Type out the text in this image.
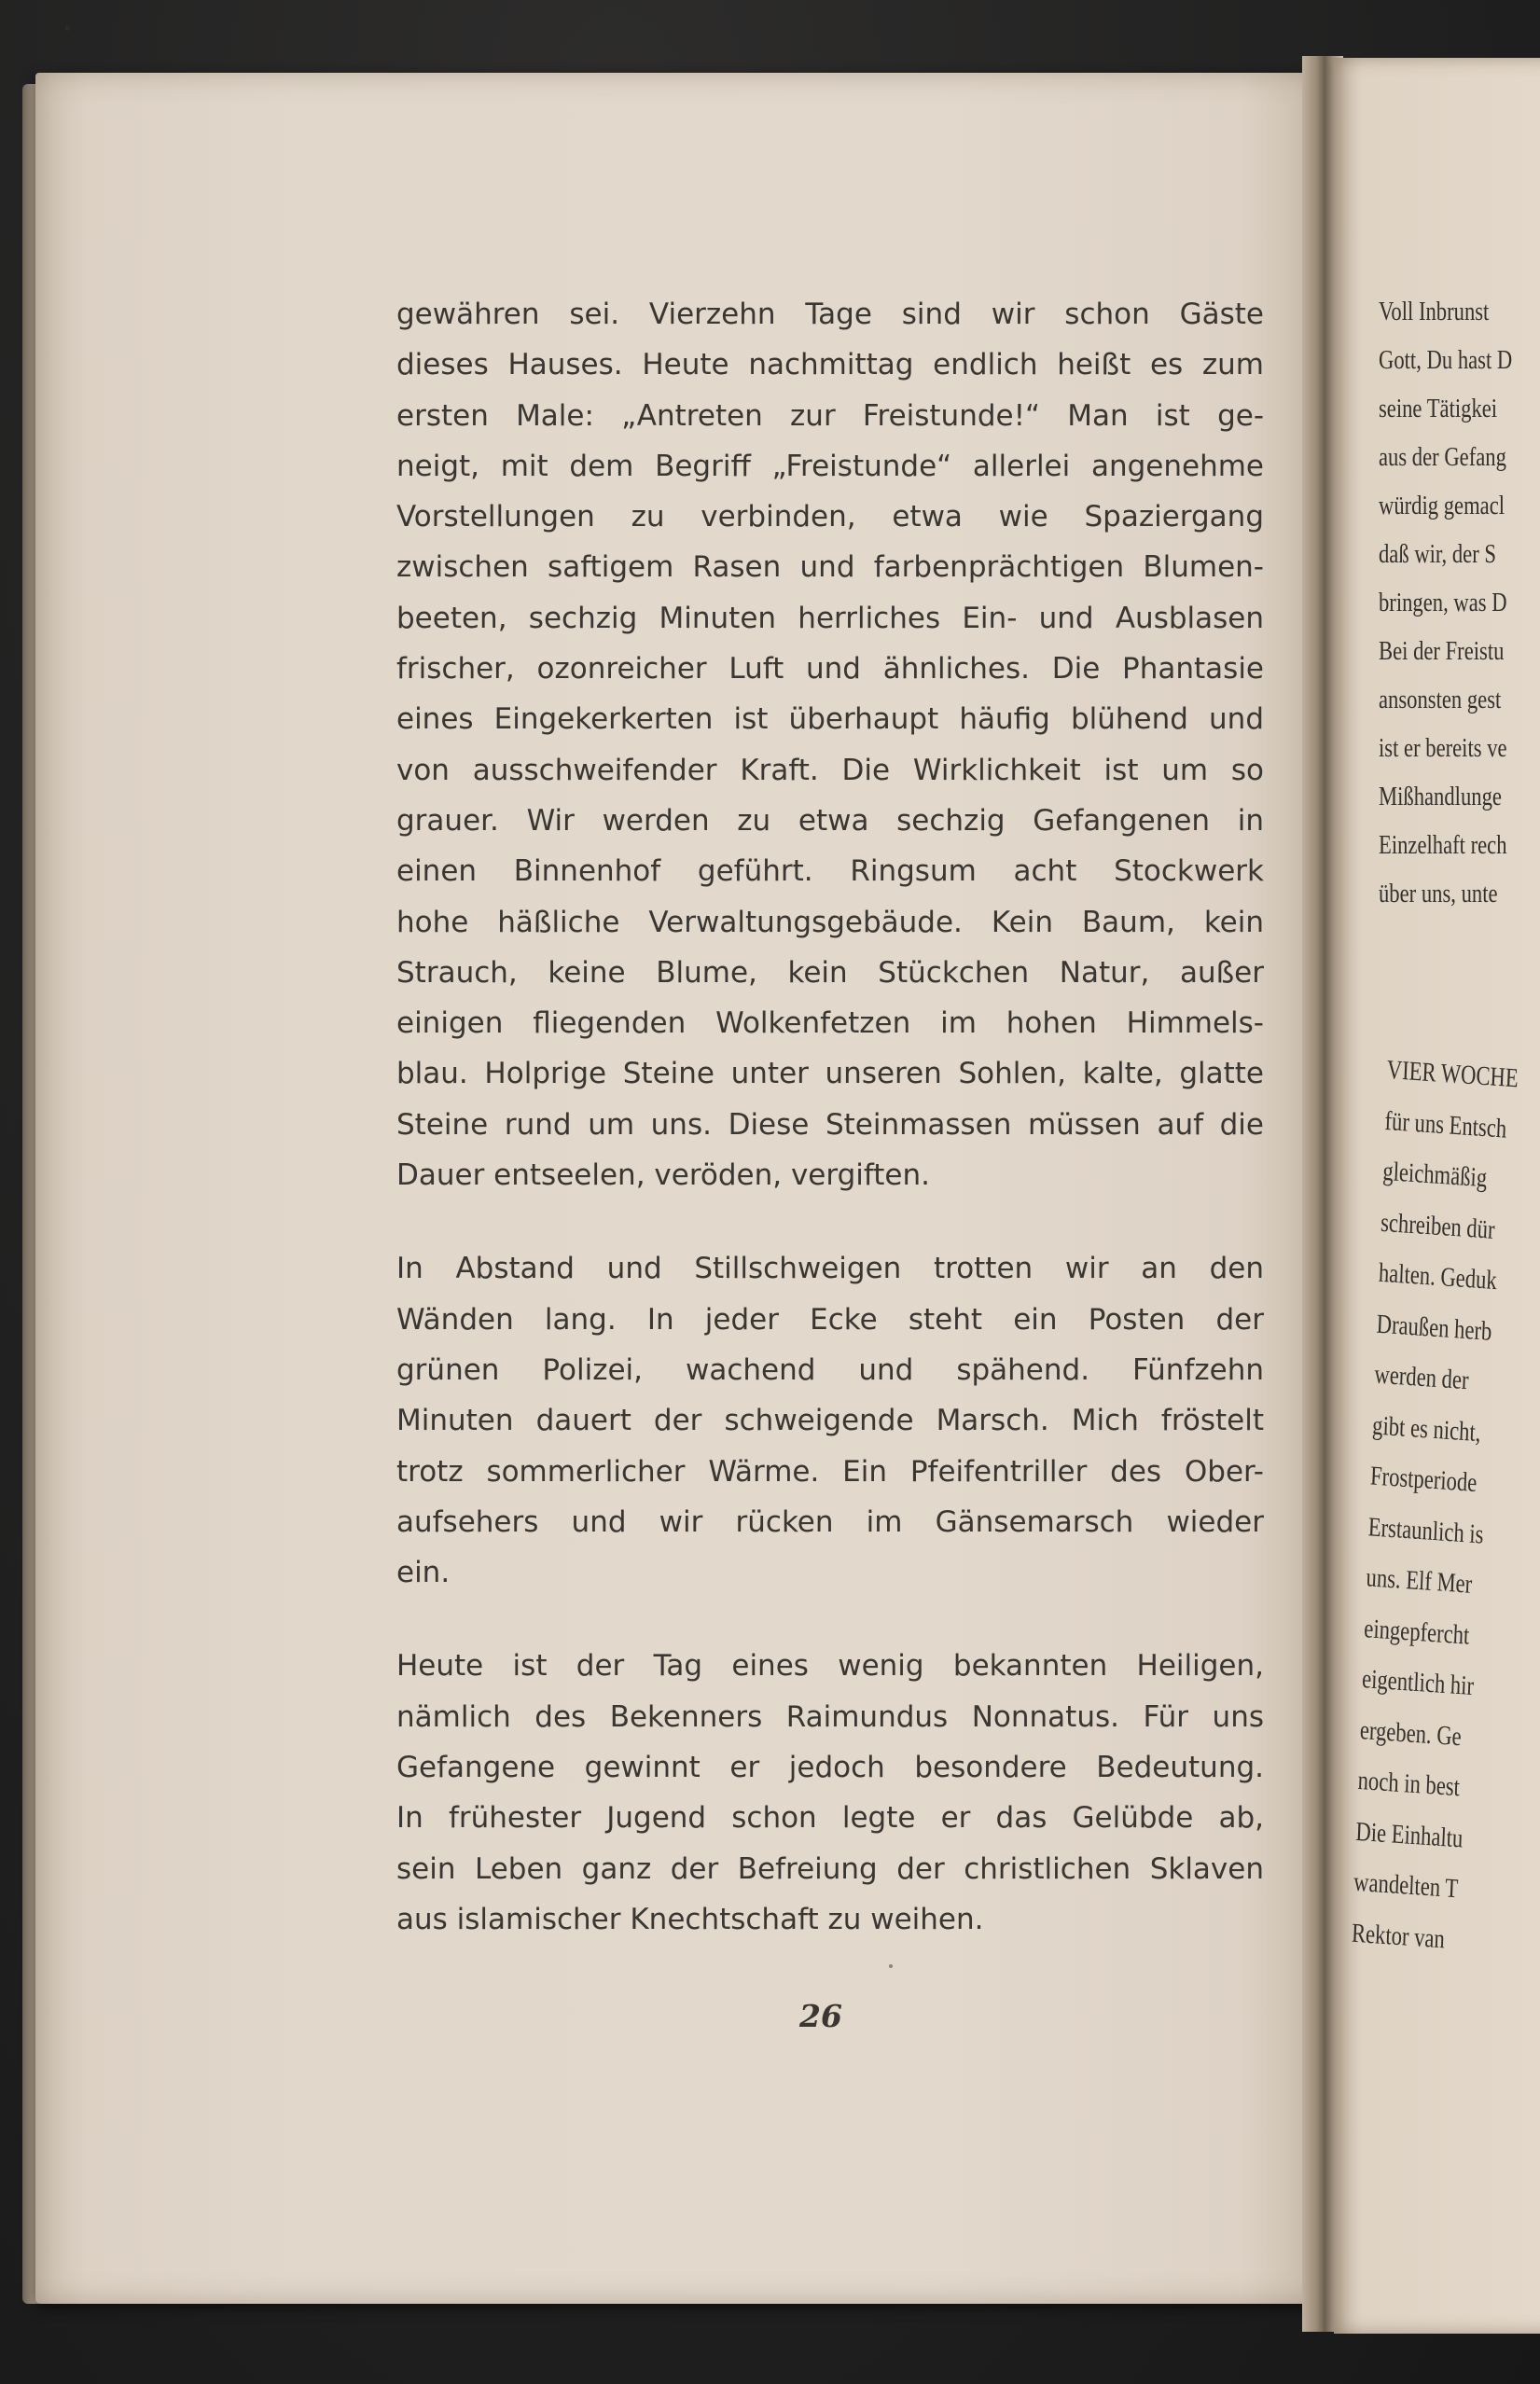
gewähren sei. Vierzehn Tage sind wir schon Gäste
dieses Hauses. Heute nachmittag endlich heißt es zum
ersten Male: „Antreten zur Freistunde!“ Man ist ge-
neigt, mit dem Begriff „Freistunde“ allerlei angenehme
Vorstellungen zu verbinden, etwa wie Spaziergang
zwischen saftigem Rasen und farbenprächtigen Blumen-
beeten, sechzig Minuten herrliches Ein- und Ausblasen
frischer, ozonreicher Luft und ähnliches. Die Phantasie
eines Eingekerkerten ist überhaupt häufig blühend und
von ausschweifender Kraft. Die Wirklichkeit ist um so
grauer. Wir werden zu etwa sechzig Gefangenen in
einen Binnenhof geführt. Ringsum acht Stockwerk
hohe häßliche Verwaltungsgebäude. Kein Baum, kein
Strauch, keine Blume, kein Stückchen Natur, außer
einigen fliegenden Wolkenfetzen im hohen Himmels-
blau. Holprige Steine unter unseren Sohlen, kalte, glatte
Steine rund um uns. Diese Steinmassen müssen auf die
Dauer entseelen, veröden, vergiften.
In Abstand und Stillschweigen trotten wir an den
Wänden lang. In jeder Ecke steht ein Posten der
grünen Polizei, wachend und spähend. Fünfzehn
Minuten dauert der schweigende Marsch. Mich fröstelt
trotz sommerlicher Wärme. Ein Pfeifentriller des Ober-
aufsehers und wir rücken im Gänsemarsch wieder
ein.
Heute ist der Tag eines wenig bekannten Heiligen,
nämlich des Bekenners Raimundus Nonnatus. Für uns
Gefangene gewinnt er jedoch besondere Bedeutung.
In frühester Jugend schon legte er das Gelübde ab,
sein Leben ganz der Befreiung der christlichen Sklaven
aus islamischer Knechtschaft zu weihen.
26
Voll Inbrunst
Gott, Du hast D
seine Tätigkei
aus der Gefang
würdig gemacl
daß wir, der S
bringen, was D
Bei der Freistu
ansonsten gest
ist er bereits ve
Mißhandlunge
Einzelhaft rech
über uns, unte
VIER WOCHE
für uns Entsch
gleichmäßig
schreiben dür
halten. Geduk
Draußen herb
werden der
gibt es nicht,
Frostperiode
Erstaunlich is
uns. Elf Mer
eingepfercht
eigentlich hir
ergeben. Ge
noch in best
Die Einhaltu
wandelten T
Rektor van
